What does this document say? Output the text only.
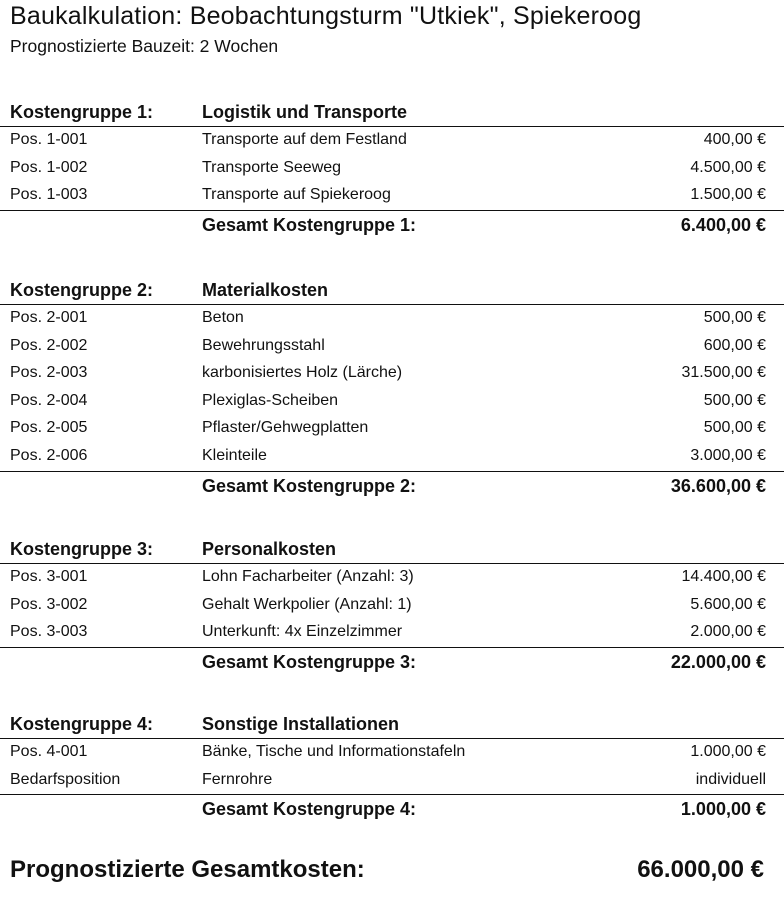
Baukalkulation: Beobachtungsturm "Utkiek", Spiekeroog
Prognostizierte Bauzeit: 2 Wochen
Kostengruppe 1:	Logistik und Transporte
Pos. 1-001	Transporte auf dem Festland	400,00 €
Pos. 1-002	Transporte Seeweg	4.500,00 €
Pos. 1-003	Transporte auf Spiekeroog	1.500,00 €
Gesamt Kostengruppe 1:	6.400,00 €
Kostengruppe 2:	Materialkosten
Pos. 2-001	Beton	500,00 €
Pos. 2-002	Bewehrungsstahl	600,00 €
Pos. 2-003	karbonisiertes Holz (Lärche)	31.500,00 €
Pos. 2-004	Plexiglas-Scheiben	500,00 €
Pos. 2-005	Pflaster/Gehwegplatten	500,00 €
Pos. 2-006	Kleinteile	3.000,00 €
Gesamt Kostengruppe 2:	36.600,00 €
Kostengruppe 3:	Personalkosten
Pos. 3-001	Lohn Facharbeiter (Anzahl: 3)	14.400,00 €
Pos. 3-002	Gehalt Werkpolier (Anzahl: 1)	5.600,00 €
Pos. 3-003	Unterkunft: 4x Einzelzimmer	2.000,00 €
Gesamt Kostengruppe 3:	22.000,00 €
Kostengruppe 4:	Sonstige Installationen
Pos. 4-001	Bänke, Tische und Informationstafeln	1.000,00 €
Bedarfsposition	Fernrohre	individuell
Gesamt Kostengruppe 4:	1.000,00 €
Prognostizierte Gesamtkosten:	66.000,00 €
